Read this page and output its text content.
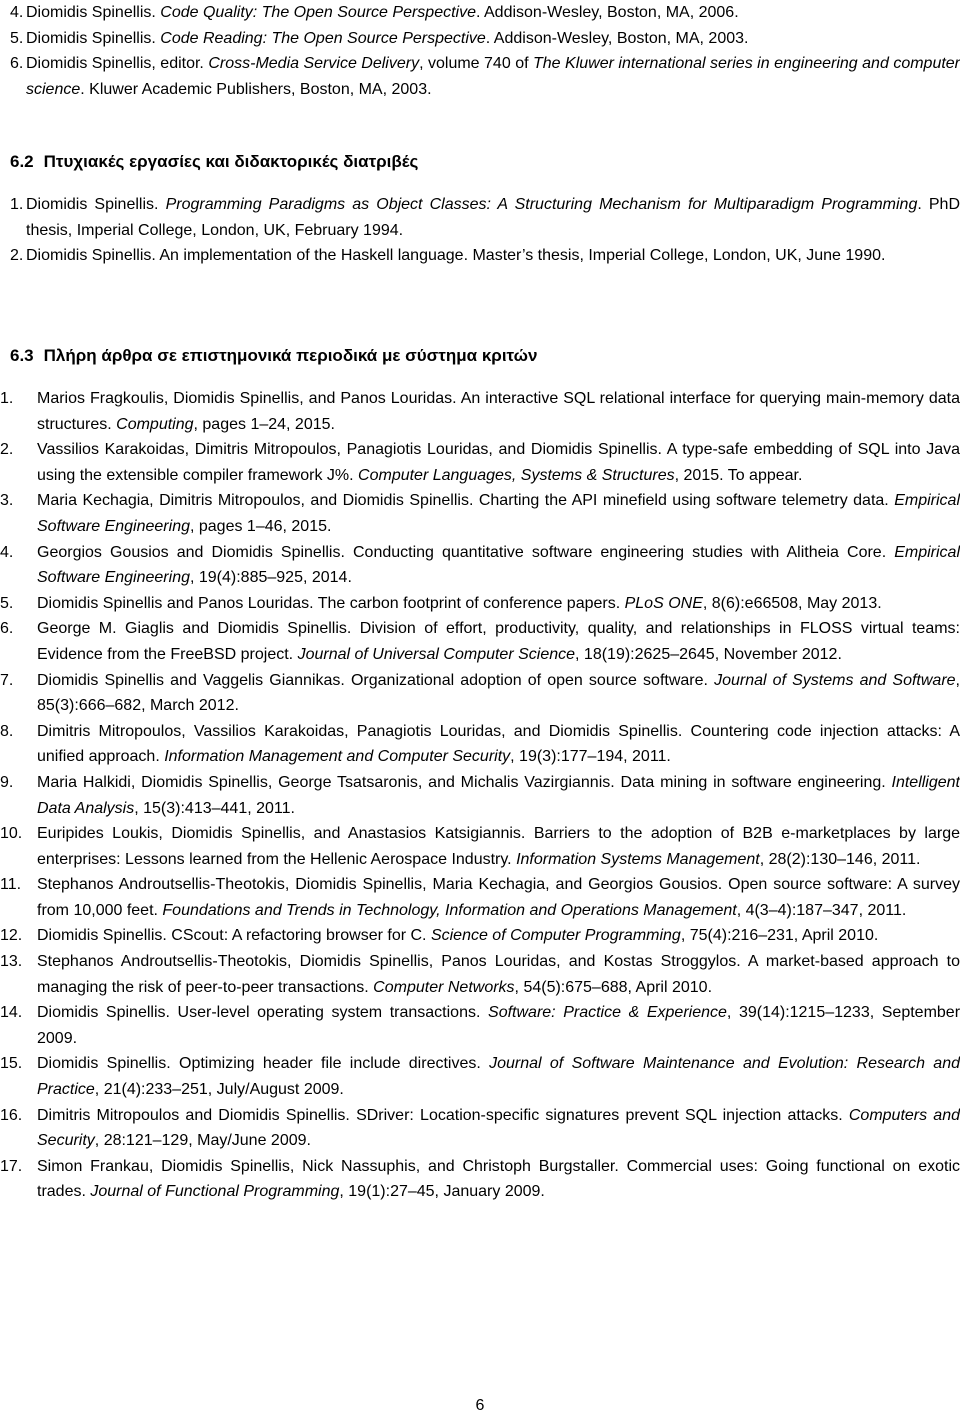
4. Diomidis Spinellis. Code Quality: The Open Source Perspective. Addison-Wesley, Boston, MA, 2006.
5. Diomidis Spinellis. Code Reading: The Open Source Perspective. Addison-Wesley, Boston, MA, 2003.
6. Diomidis Spinellis, editor. Cross-Media Service Delivery, volume 740 of The Kluwer international series in engineering and computer science. Kluwer Academic Publishers, Boston, MA, 2003.
6.2 Πτυχιακές εργασίες και διδακτορικές διατριβές
1. Diomidis Spinellis. Programming Paradigms as Object Classes: A Structuring Mechanism for Multiparadigm Programming. PhD thesis, Imperial College, London, UK, February 1994.
2. Diomidis Spinellis. An implementation of the Haskell language. Master’s thesis, Imperial College, London, UK, June 1990.
6.3 Πλήρη άρθρα σε επιστημονικά περιοδικά με σύστημα κριτών
1. Marios Fragkoulis, Diomidis Spinellis, and Panos Louridas. An interactive SQL relational interface for querying main-memory data structures. Computing, pages 1–24, 2015.
2. Vassilios Karakoidas, Dimitris Mitropoulos, Panagiotis Louridas, and Diomidis Spinellis. A type-safe embedding of SQL into Java using the extensible compiler framework J%. Computer Languages, Systems & Structures, 2015. To appear.
3. Maria Kechagia, Dimitris Mitropoulos, and Diomidis Spinellis. Charting the API minefield using software telemetry data. Empirical Software Engineering, pages 1–46, 2015.
4. Georgios Gousios and Diomidis Spinellis. Conducting quantitative software engineering studies with Alitheia Core. Empirical Software Engineering, 19(4):885–925, 2014.
5. Diomidis Spinellis and Panos Louridas. The carbon footprint of conference papers. PLoS ONE, 8(6):e66508, May 2013.
6. George M. Giaglis and Diomidis Spinellis. Division of effort, productivity, quality, and relationships in FLOSS virtual teams: Evidence from the FreeBSD project. Journal of Universal Computer Science, 18(19):2625–2645, November 2012.
7. Diomidis Spinellis and Vaggelis Giannikas. Organizational adoption of open source software. Journal of Systems and Software, 85(3):666–682, March 2012.
8. Dimitris Mitropoulos, Vassilios Karakoidas, Panagiotis Louridas, and Diomidis Spinellis. Countering code injection attacks: A unified approach. Information Management and Computer Security, 19(3):177–194, 2011.
9. Maria Halkidi, Diomidis Spinellis, George Tsatsaronis, and Michalis Vazirgiannis. Data mining in software engineering. Intelligent Data Analysis, 15(3):413–441, 2011.
10. Euripides Loukis, Diomidis Spinellis, and Anastasios Katsigiannis. Barriers to the adoption of B2B e-marketplaces by large enterprises: Lessons learned from the Hellenic Aerospace Industry. Information Systems Management, 28(2):130–146, 2011.
11. Stephanos Androutsellis-Theotokis, Diomidis Spinellis, Maria Kechagia, and Georgios Gousios. Open source software: A survey from 10,000 feet. Foundations and Trends in Technology, Information and Operations Management, 4(3–4):187–347, 2011.
12. Diomidis Spinellis. CScout: A refactoring browser for C. Science of Computer Programming, 75(4):216–231, April 2010.
13. Stephanos Androutsellis-Theotokis, Diomidis Spinellis, Panos Louridas, and Kostas Stroggylos. A market-based approach to managing the risk of peer-to-peer transactions. Computer Networks, 54(5):675–688, April 2010.
14. Diomidis Spinellis. User-level operating system transactions. Software: Practice & Experience, 39(14):1215–1233, September 2009.
15. Diomidis Spinellis. Optimizing header file include directives. Journal of Software Maintenance and Evolution: Research and Practice, 21(4):233–251, July/August 2009.
16. Dimitris Mitropoulos and Diomidis Spinellis. SDriver: Location-specific signatures prevent SQL injection attacks. Computers and Security, 28:121–129, May/June 2009.
17. Simon Frankau, Diomidis Spinellis, Nick Nassuphis, and Christoph Burgstaller. Commercial uses: Going functional on exotic trades. Journal of Functional Programming, 19(1):27–45, January 2009.
6
